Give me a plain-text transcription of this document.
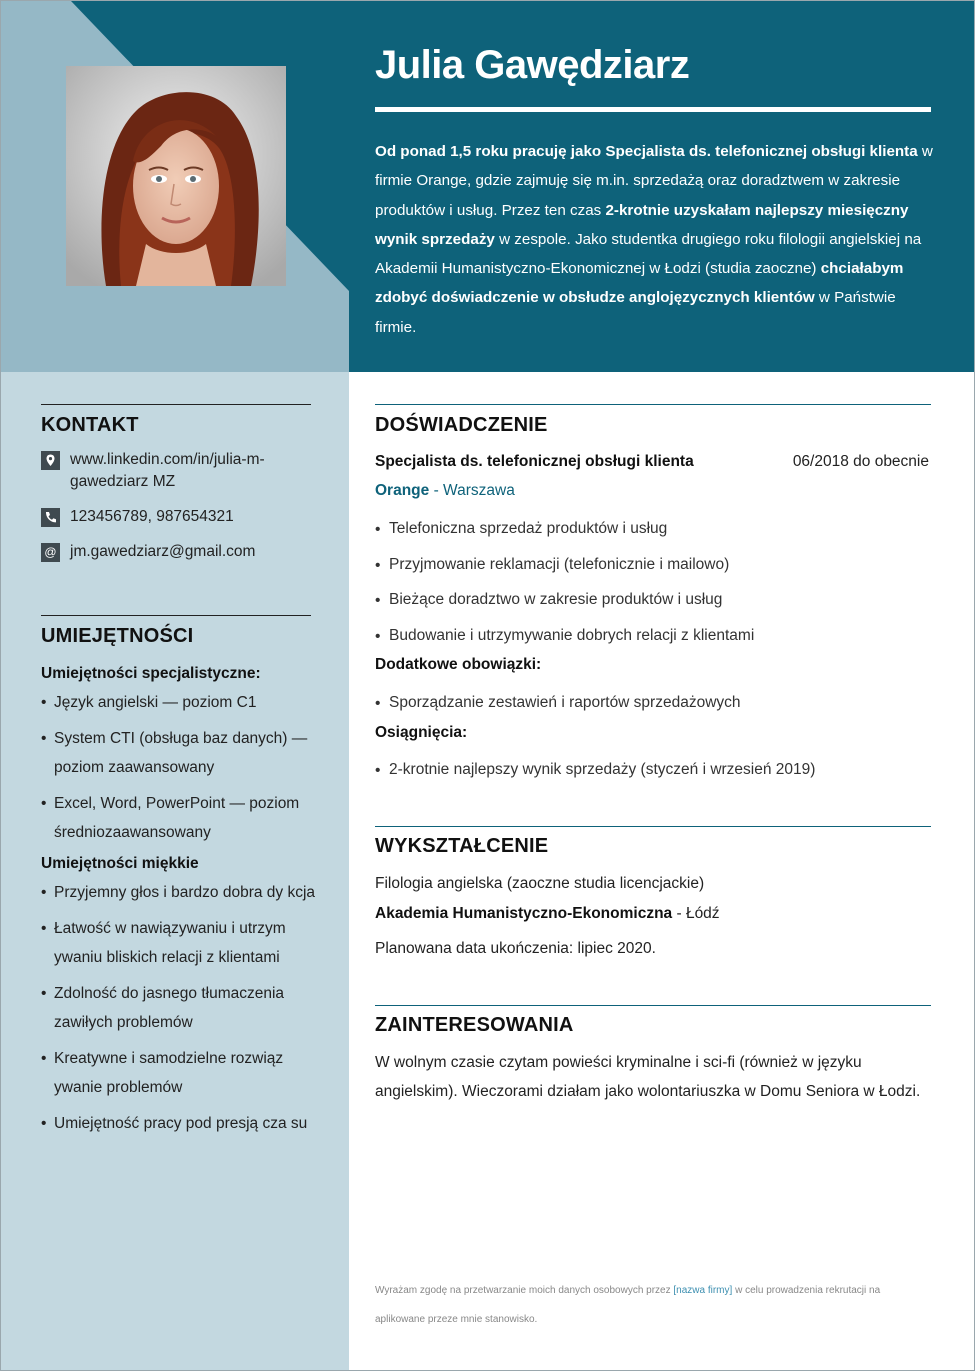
Julia Gawędziarz
Od ponad 1,5 roku pracuję jako Specjalista ds. telefonicznej obsługi klienta w firmie Orange, gdzie zajmuję się m.in. sprzedażą oraz doradztwem w zakresie produktów i usług. Przez ten czas 2-krotnie uzyskałam najlepszy miesięczny wynik sprzedaży w zespole. Jako studentka drugiego roku filologii angielskiej na Akademii Humanistyczno-Ekonomicznej w Łodzi (studia zaoczne) chciałabym zdobyć doświadczenie w obsłudze anglojęzycznych klientów w Państwie firmie.
KONTAKT
www.linkedin.com/in/julia-m-gawedziarz MZ
123456789, 987654321
@ jm.gawedziarz@gmail.com
UMIEJĘTNOŚCI
Umiejętności specjalistyczne:
• Język angielski — poziom C1
• System CTI (obsługa baz danych) — poziom zaawansowany
• Excel, Word, PowerPoint — poziom średniozaawansowany
Umiejętności miękkie
• Przyjemny głos i bardzo dobra dy kcja
• Łatwość w nawiązywaniu i utrzym ywaniu bliskich relacji z klientami
• Zdolność do jasnego tłumaczenia zawiłych problemów
• Kreatywne i samodzielne rozwiąz ywanie problemów
• Umiejętność pracy pod presją cza su
DOŚWIADCZENIE
Specjalista ds. telefonicznej obsługi klienta	06/2018 do obecnie
Orange - Warszawa
• Telefoniczna sprzedaż produktów i usług
• Przyjmowanie reklamacji (telefonicznie i mailowo)
• Bieżące doradztwo w zakresie produktów i usług
• Budowanie i utrzymywanie dobrych relacji z klientami
Dodatkowe obowiązki:
• Sporządzanie zestawień i raportów sprzedażowych
Osiągnięcia:
• 2-krotnie najlepszy wynik sprzedaży (styczeń i wrzesień 2019)
WYKSZTAŁCENIE
Filologia angielska (zaoczne studia licencjackie)
Akademia Humanistyczno-Ekonomiczna - Łódź
Planowana data ukończenia: lipiec 2020.
ZAINTERESOWANIA
W wolnym czasie czytam powieści kryminalne i sci-fi (również w języku angielskim). Wieczorami działam jako wolontariuszka w Domu Seniora w Łodzi.
Wyrażam zgodę na przetwarzanie moich danych osobowych przez [nazwa firmy] w celu prowadzenia rekrutacji na aplikowane przeze mnie stanowisko.
